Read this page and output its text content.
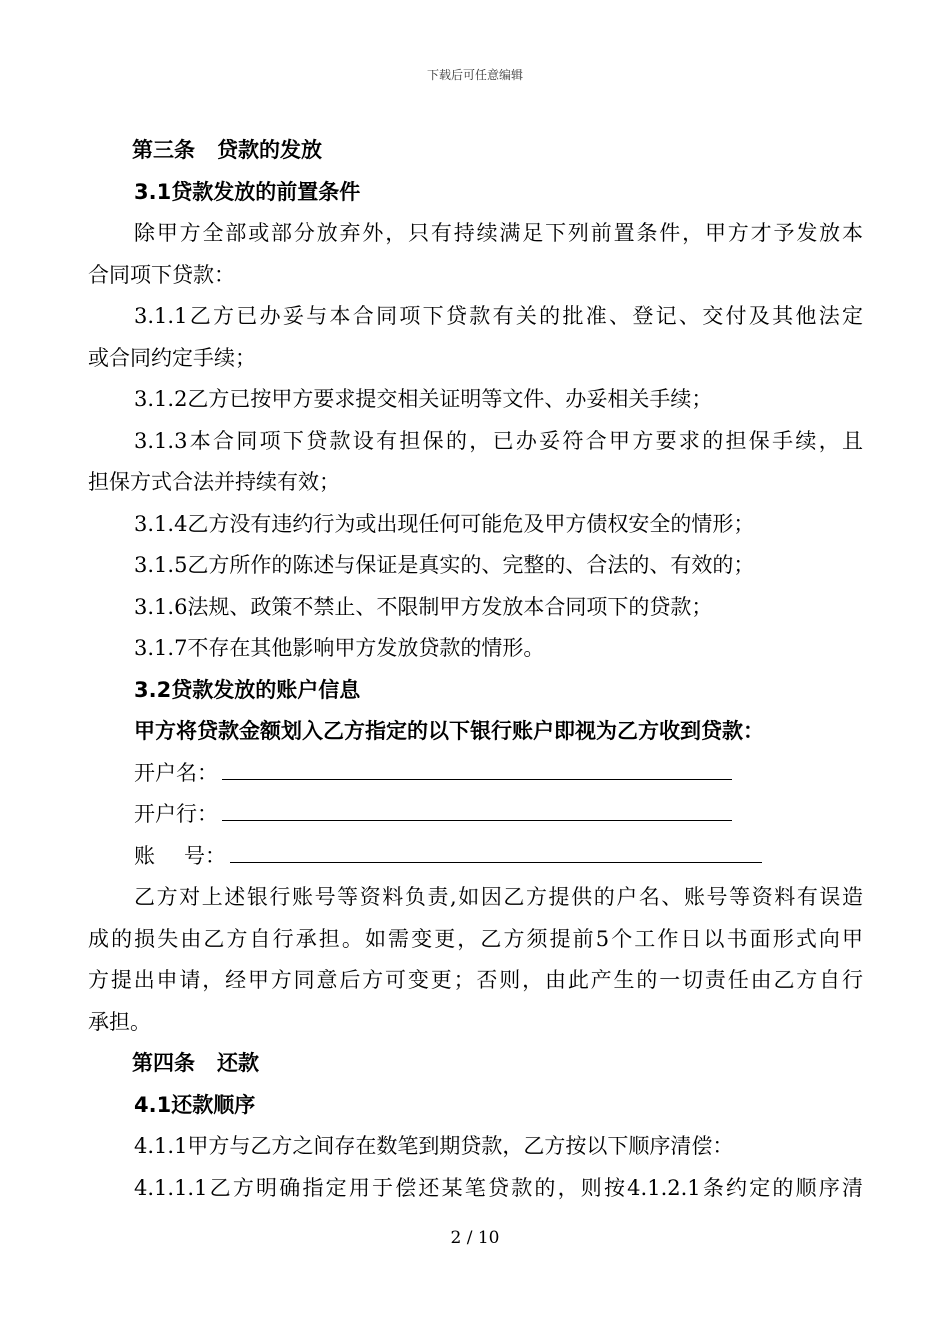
下载后可任意编辑
第三条 贷款的发放
3.1贷款发放的前置条件
除甲方全部或部分放弃外，只有持续满足下列前置条件，甲方才予发放本
合同项下贷款：
3.1.1乙方已办妥与本合同项下贷款有关的批准、登记、交付及其他法定
或合同约定手续；
3.1.2乙方已按甲方要求提交相关证明等文件、办妥相关手续；
3.1.3本合同项下贷款设有担保的，已办妥符合甲方要求的担保手续，且
担保方式合法并持续有效；
3.1.4乙方没有违约行为或出现任何可能危及甲方债权安全的情形；
3.1.5乙方所作的陈述与保证是真实的、完整的、合法的、有效的；
3.1.6法规、政策不禁止、不限制甲方发放本合同项下的贷款；
3.1.7不存在其他影响甲方发放贷款的情形。
3.2贷款发放的账户信息
甲方将贷款金额划入乙方指定的以下银行账户即视为乙方收到贷款：
开户名：
开户行：
账 号：
乙方对上述银行账号等资料负责,如因乙方提供的户名、账号等资料有误造
成的损失由乙方自行承担。如需变更，乙方须提前5个工作日以书面形式向甲
方提出申请，经甲方同意后方可变更；否则，由此产生的一切责任由乙方自行
承担。
第四条 还款
4.1还款顺序
4.1.1甲方与乙方之间存在数笔到期贷款，乙方按以下顺序清偿：
4.1.1.1乙方明确指定用于偿还某笔贷款的，则按4.1.2.1条约定的顺序清
2 / 10
